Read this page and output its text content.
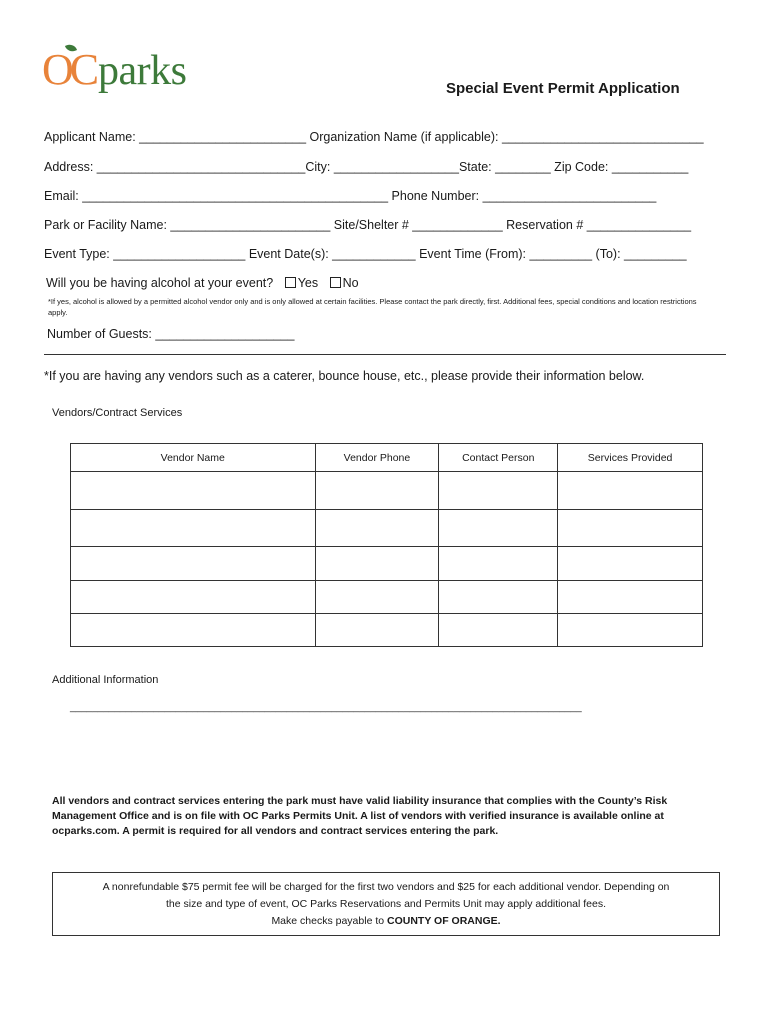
OC parks	Special Event Permit Application
Applicant Name: ________________________ Organization Name (if applicable): _____________________________
Address: ______________________________City: __________________State: ________ Zip Code: ___________
Email: ____________________________________________ Phone Number: _________________________
Park or Facility Name: _______________________ Site/Shelter # _____________ Reservation # _______________
Event Type: ___________________ Event Date(s): ____________ Event Time (From): _________ (To): _________
Will you be having alcohol at your event? Yes No
*If yes, alcohol is allowed by a permitted alcohol vendor only and is only allowed at certain facilities. Please contact the park directly, first. Additional fees, special conditions and location restrictions apply.
Number of Guests: ____________________
*If you are having any vendors such as a caterer, bounce house, etc., please provide their information below.
Vendors/Contract Services
Vendor Name	Vendor Phone	Contact Person	Services Provided

Additional Information
____________________________________________________________________________________________
All vendors and contract services entering the park must have valid liability insurance that complies with the County’s Risk Management Office and is on file with OC Parks Permits Unit. A list of vendors with verified insurance is available online at ocparks.com. A permit is required for all vendors and contract services entering the park.
A nonrefundable $75 permit fee will be charged for the first two vendors and $25 for each additional vendor. Depending on
the size and type of event, OC Parks Reservations and Permits Unit may apply additional fees.
Make checks payable to COUNTY OF ORANGE.
